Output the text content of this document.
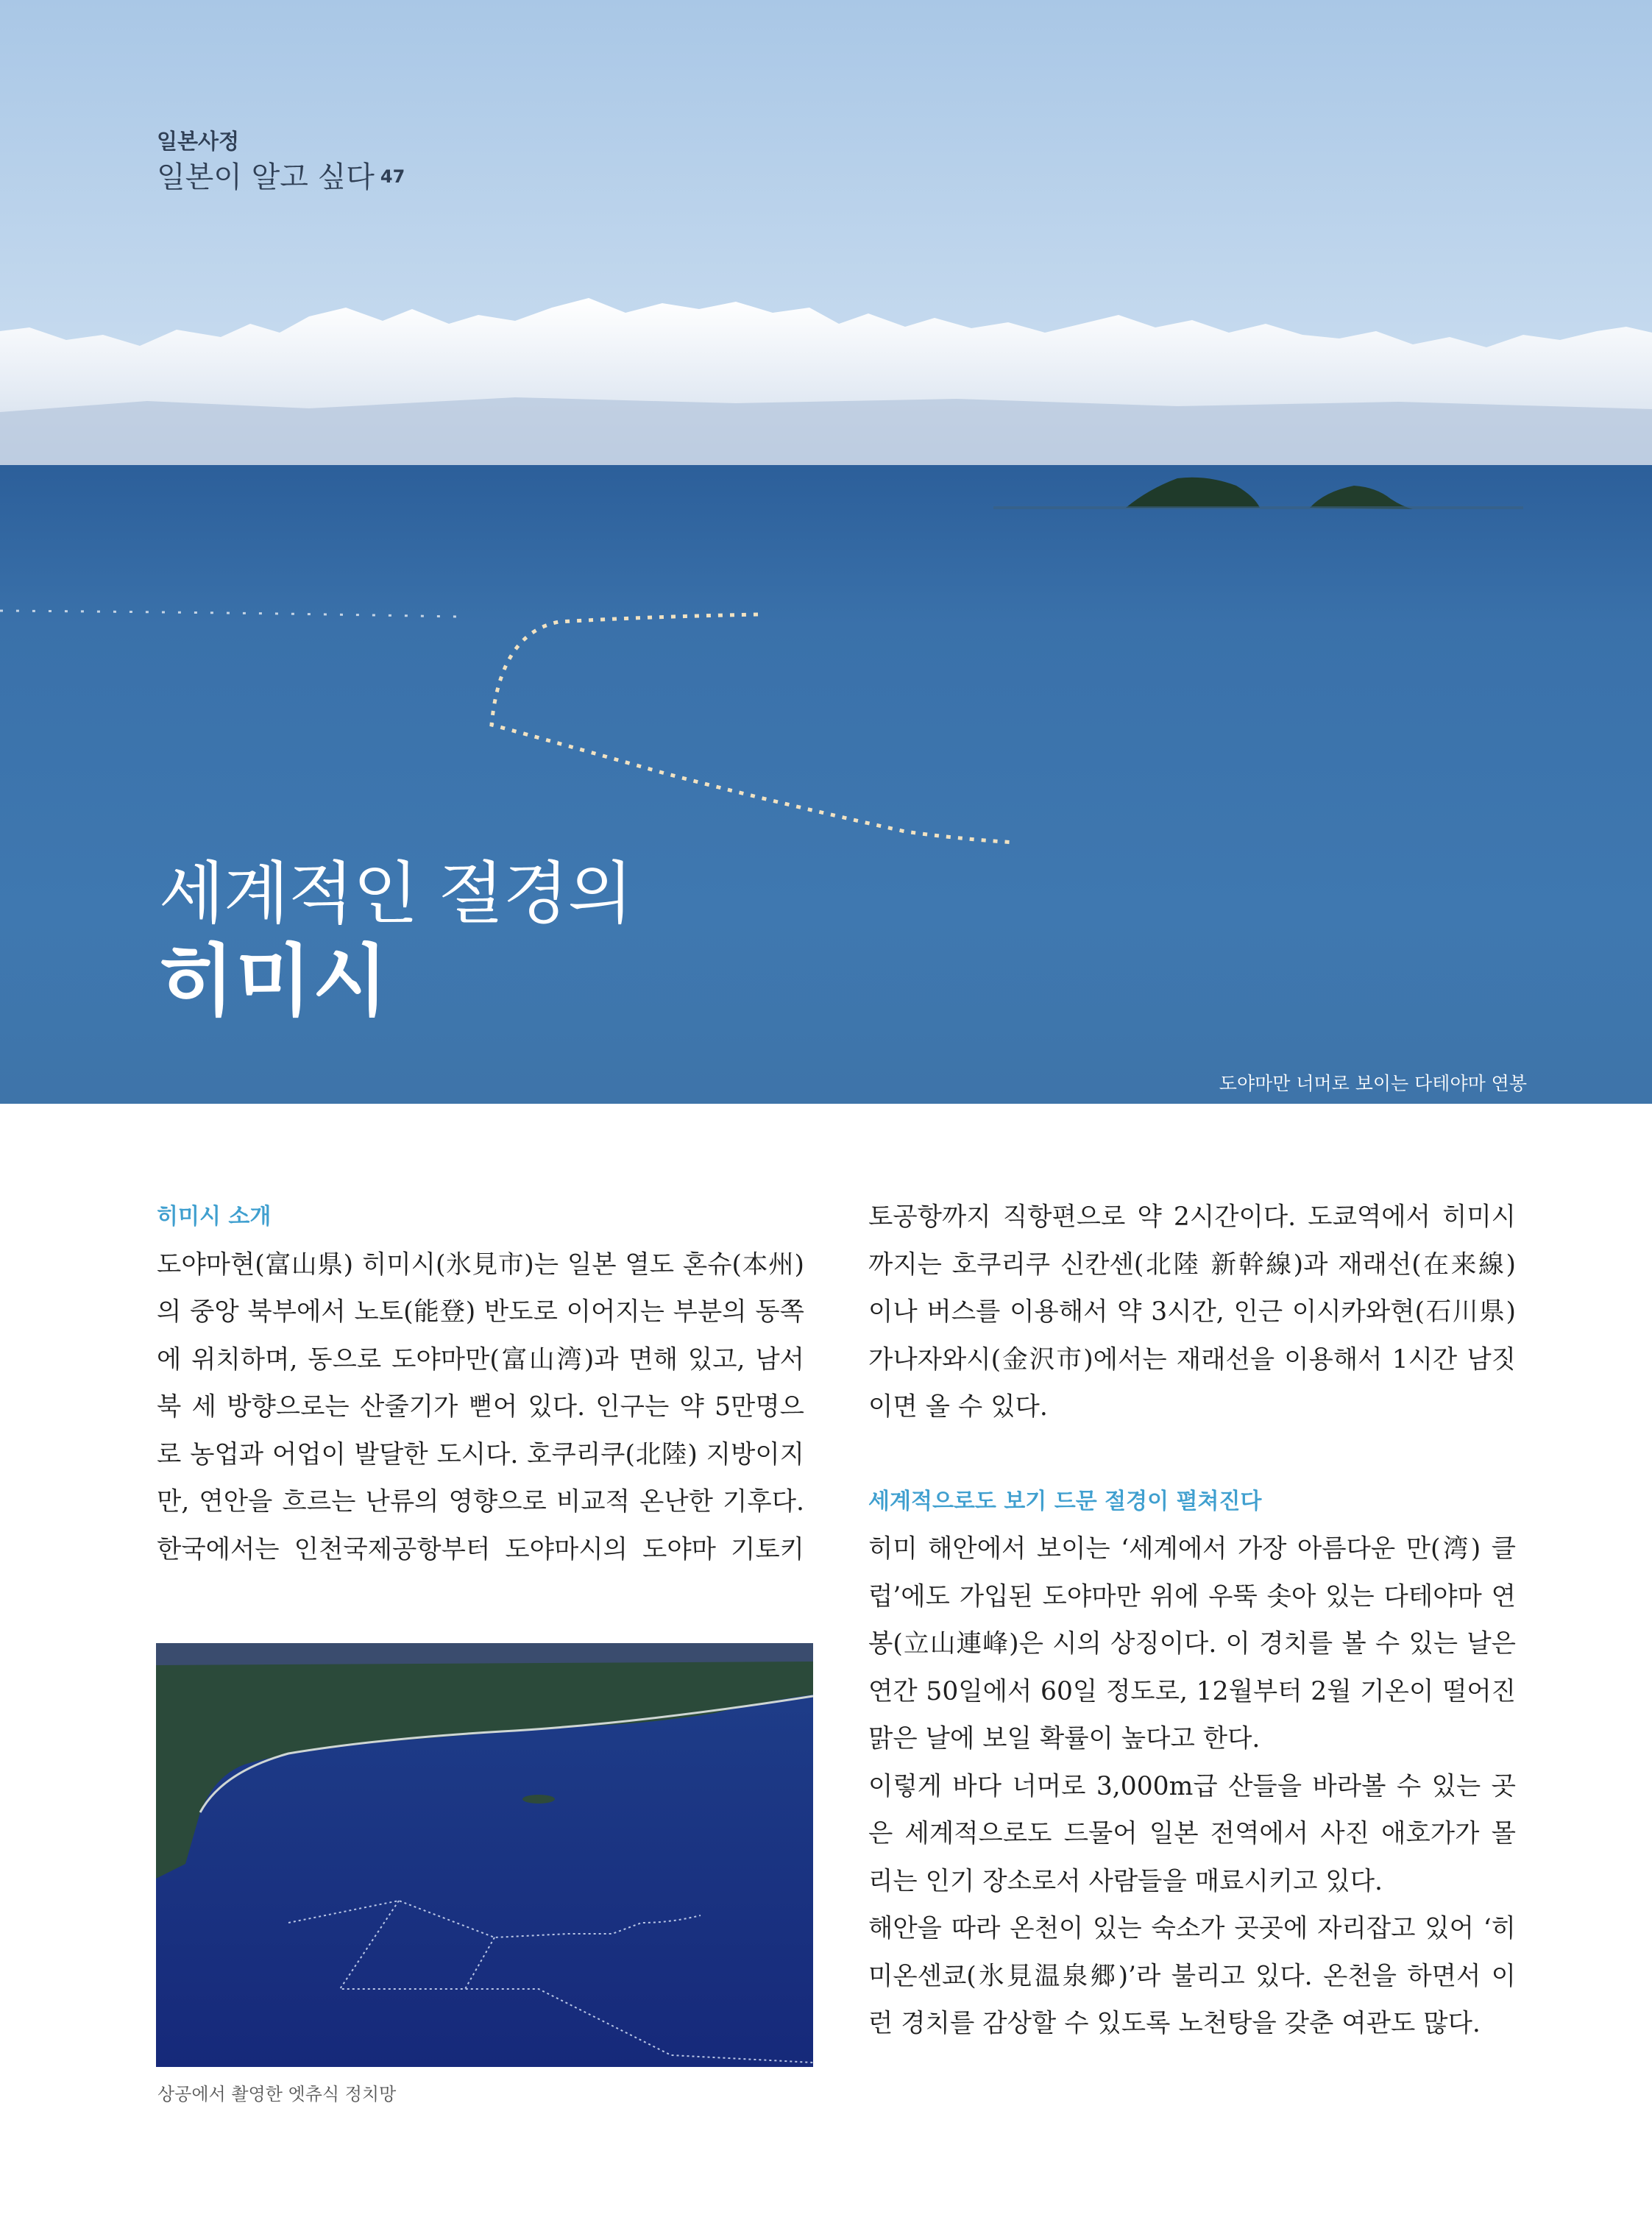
일본사정
일본이 알고 싶다 47
세계적인 절경의
히미시
도야마만 너머로 보이는 다테야마 연봉
히미시 소개

도야마현(富山県) 히미시(氷見市)는 일본 열도 혼슈(本州)

의 중앙 북부에서 노토(能登) 반도로 이어지는 부분의 동쪽

에 위치하며, 동으로 도야마만(富山湾)과 면해 있고, 남서

북 세 방향으로는 산줄기가 뻗어 있다. 인구는 약 5만명으

로 농업과 어업이 발달한 도시다. 호쿠리쿠(北陸) 지방이지

만, 연안을 흐르는 난류의 영향으로 비교적 온난한 기후다.

한국에서는 인천국제공항부터 도야마시의 도야마 기토키

상공에서 촬영한 엣츄식 정치망

토공항까지 직항편으로 약 2시간이다. 도쿄역에서 히미시

까지는 호쿠리쿠 신칸센(北陸 新幹線)과 재래선(在来線)

이나 버스를 이용해서 약 3시간, 인근 이시카와현(石川県)

가나자와시(金沢市)에서는 재래선을 이용해서 1시간 남짓

이면 올 수 있다.

세계적으로도 보기 드문 절경이 펼쳐진다

히미 해안에서 보이는 ‘세계에서 가장 아름다운 만(湾) 클

럽’에도 가입된 도야마만 위에 우뚝 솟아 있는 다테야마 연

봉(立山連峰)은 시의 상징이다. 이 경치를 볼 수 있는 날은

연간 50일에서 60일 정도로, 12월부터 2월 기온이 떨어진

맑은 날에 보일 확률이 높다고 한다.

이렇게 바다 너머로 3,000m급 산들을 바라볼 수 있는 곳

은 세계적으로도 드물어 일본 전역에서 사진 애호가가 몰

리는 인기 장소로서 사람들을 매료시키고 있다.

해안을 따라 온천이 있는 숙소가 곳곳에 자리잡고 있어 ‘히

미온센쿄(氷見温泉郷)’라 불리고 있다. 온천을 하면서 이

런 경치를 감상할 수 있도록 노천탕을 갖춘 여관도 많다.
